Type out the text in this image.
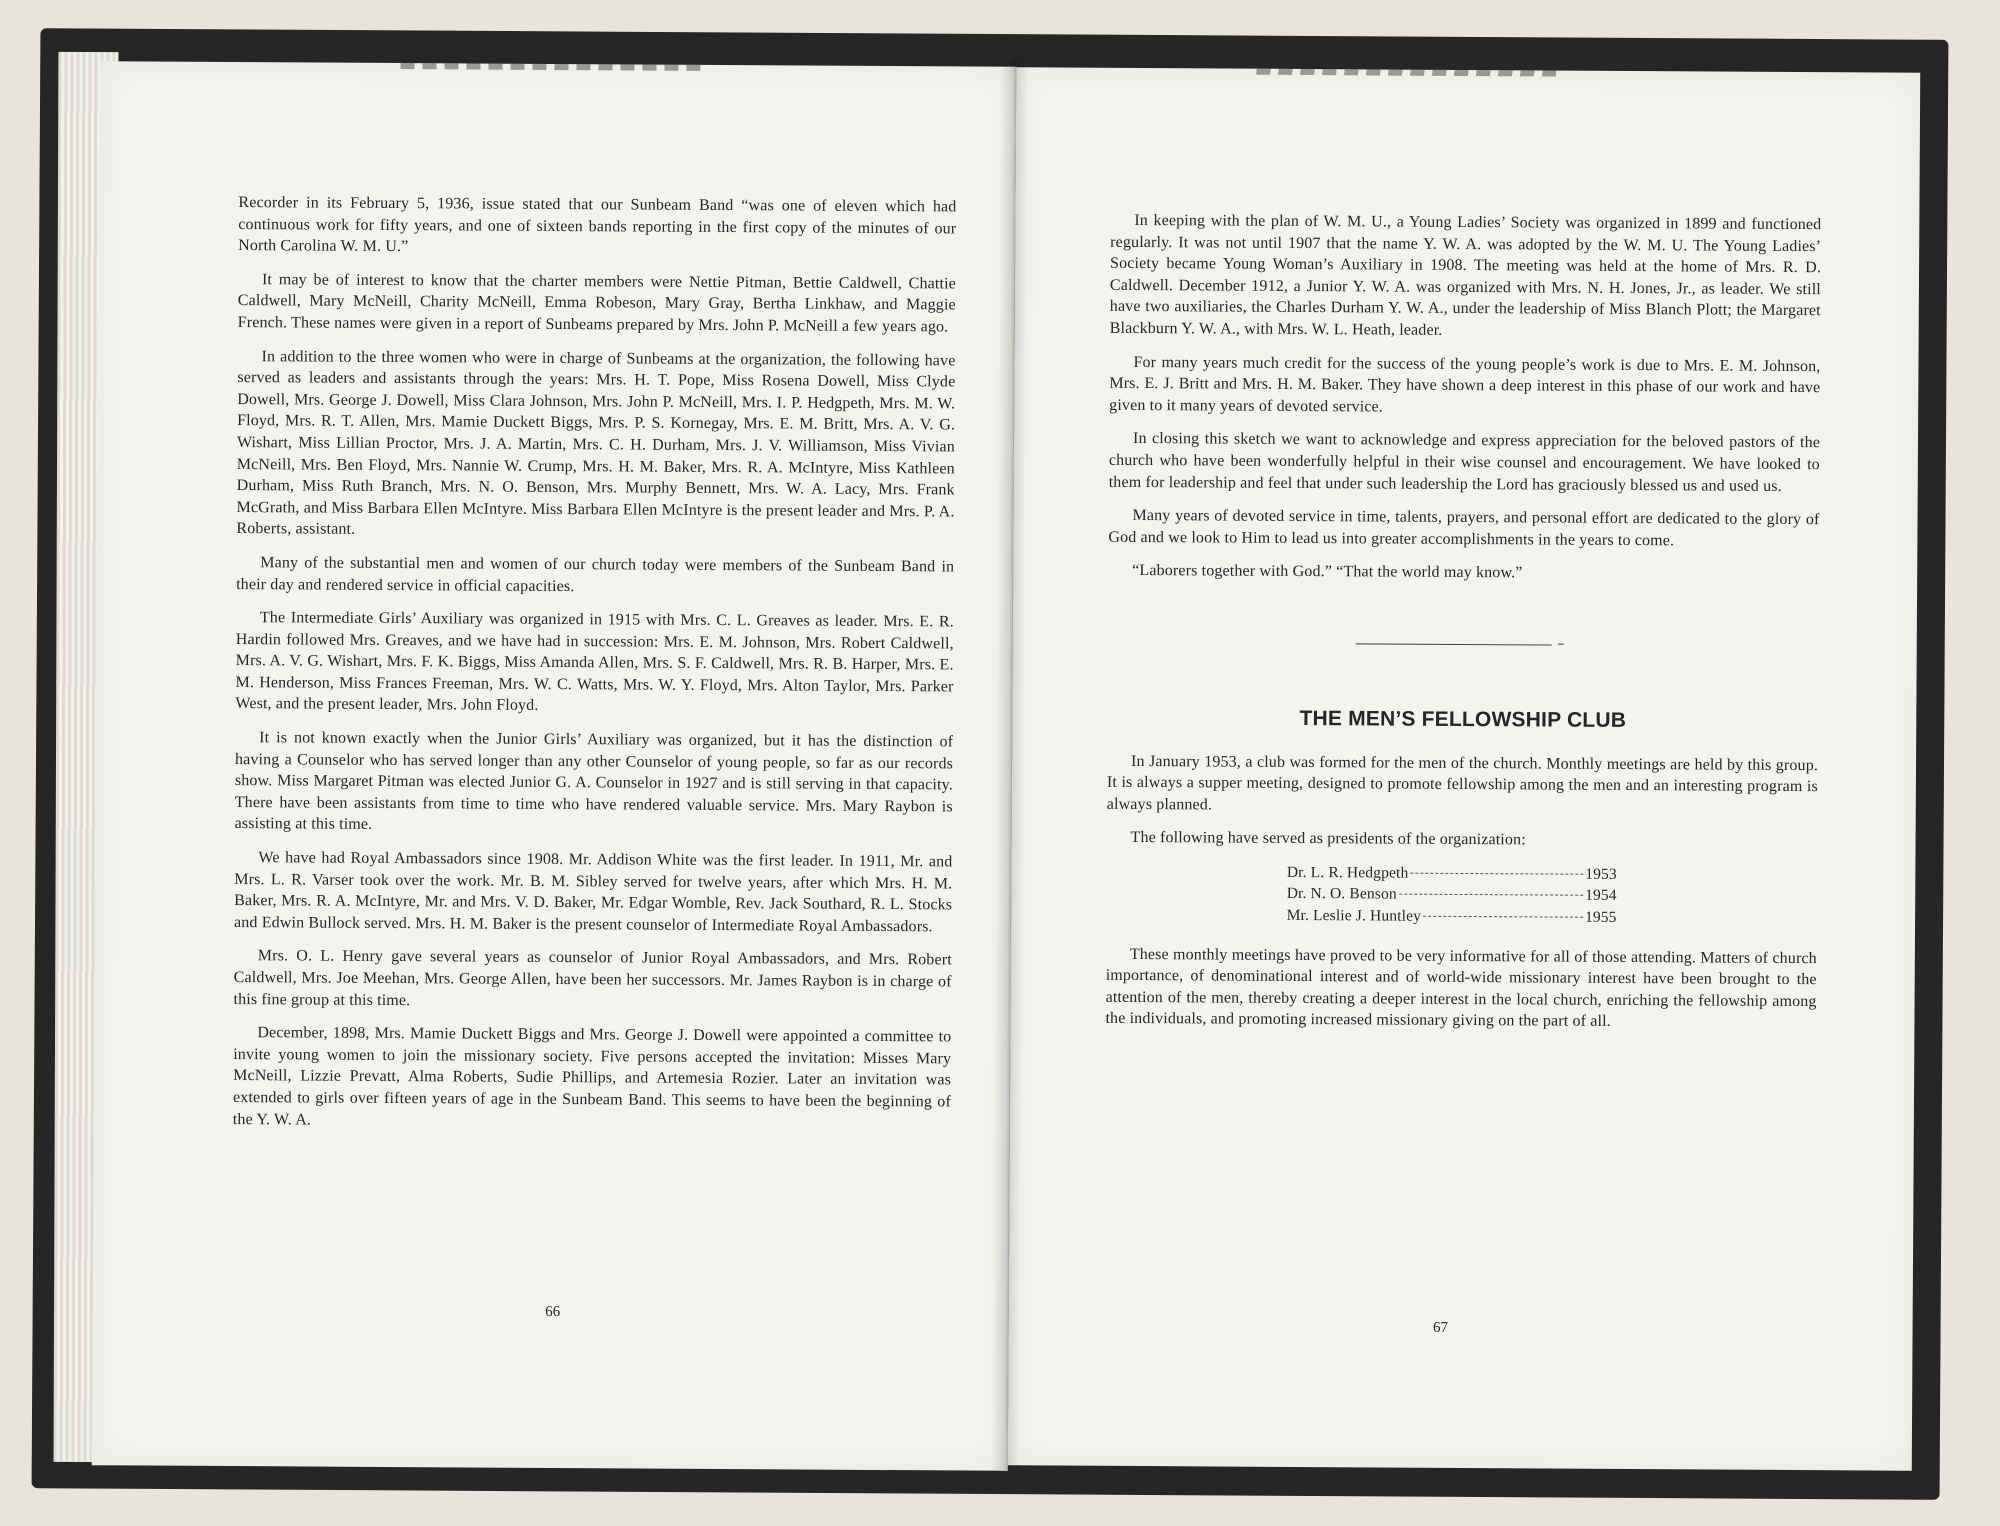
Recorder in its February 5, 1936, issue stated that our Sunbeam Band “was one of eleven which had continuous work for fifty years, and one of sixteen bands reporting in the first copy of the minutes of our North Carolina W. M. U.”

It may be of interest to know that the charter members were Nettie Pitman, Bettie Caldwell, Chattie Caldwell, Mary McNeill, Charity McNeill, Emma Robeson, Mary Gray, Bertha Linkhaw, and Maggie French. These names were given in a report of Sunbeams prepared by Mrs. John P. McNeill a few years ago.

In addition to the three women who were in charge of Sunbeams at the organization, the following have served as leaders and assistants through the years: Mrs. H. T. Pope, Miss Rosena Dowell, Miss Clyde Dowell, Mrs. George J. Dowell, Miss Clara Johnson, Mrs. John P. McNeill, Mrs. I. P. Hedgpeth, Mrs. M. W. Floyd, Mrs. R. T. Allen, Mrs. Mamie Duckett Biggs, Mrs. P. S. Kornegay, Mrs. E. M. Britt, Mrs. A. V. G. Wishart, Miss Lillian Proctor, Mrs. J. A. Martin, Mrs. C. H. Durham, Mrs. J. V. Williamson, Miss Vivian McNeill, Mrs. Ben Floyd, Mrs. Nannie W. Crump, Mrs. H. M. Baker, Mrs. R. A. McIntyre, Miss Kathleen Durham, Miss Ruth Branch, Mrs. N. O. Benson, Mrs. Murphy Bennett, Mrs. W. A. Lacy, Mrs. Frank McGrath, and Miss Barbara Ellen McIntyre. Miss Barbara Ellen McIntyre is the present leader and Mrs. P. A. Roberts, assistant.

Many of the substantial men and women of our church today were members of the Sunbeam Band in their day and rendered service in official capacities.

The Intermediate Girls’ Auxiliary was organized in 1915 with Mrs. C. L. Greaves as leader. Mrs. E. R. Hardin followed Mrs. Greaves, and we have had in succession: Mrs. E. M. Johnson, Mrs. Robert Caldwell, Mrs. A. V. G. Wishart, Mrs. F. K. Biggs, Miss Amanda Allen, Mrs. S. F. Caldwell, Mrs. R. B. Harper, Mrs. E. M. Henderson, Miss Frances Freeman, Mrs. W. C. Watts, Mrs. W. Y. Floyd, Mrs. Alton Taylor, Mrs. Parker West, and the present leader, Mrs. John Floyd.

It is not known exactly when the Junior Girls’ Auxiliary was organized, but it has the distinction of having a Counselor who has served longer than any other Counselor of young people, so far as our records show. Miss Margaret Pitman was elected Junior G. A. Counselor in 1927 and is still serving in that capacity. There have been assistants from time to time who have rendered valuable service. Mrs. Mary Raybon is assisting at this time.

We have had Royal Ambassadors since 1908. Mr. Addison White was the first leader. In 1911, Mr. and Mrs. L. R. Varser took over the work. Mr. B. M. Sibley served for twelve years, after which Mrs. H. M. Baker, Mrs. R. A. McIntyre, Mr. and Mrs. V. D. Baker, Mr. Edgar Womble, Rev. Jack Southard, R. L. Stocks and Edwin Bullock served. Mrs. H. M. Baker is the present counselor of Intermediate Royal Ambassadors.

Mrs. O. L. Henry gave several years as counselor of Junior Royal Ambassadors, and Mrs. Robert Caldwell, Mrs. Joe Meehan, Mrs. George Allen, have been her successors. Mr. James Raybon is in charge of this fine group at this time.

December, 1898, Mrs. Mamie Duckett Biggs and Mrs. George J. Dowell were appointed a committee to invite young women to join the missionary society. Five persons accepted the invitation: Misses Mary McNeill, Lizzie Prevatt, Alma Roberts, Sudie Phillips, and Artemesia Rozier. Later an invitation was extended to girls over fifteen years of age in the Sunbeam Band. This seems to have been the beginning of the Y. W. A.

66

In keeping with the plan of W. M. U., a Young Ladies’ Society was organized in 1899 and functioned regularly. It was not until 1907 that the name Y. W. A. was adopted by the W. M. U. The Young Ladies’ Society became Young Woman’s Auxiliary in 1908. The meeting was held at the home of Mrs. R. D. Caldwell. December 1912, a Junior Y. W. A. was organized with Mrs. N. H. Jones, Jr., as leader. We still have two auxiliaries, the Charles Durham Y. W. A., under the leadership of Miss Blanch Plott; the Margaret Blackburn Y. W. A., with Mrs. W. L. Heath, leader.

For many years much credit for the success of the young people’s work is due to Mrs. E. M. Johnson, Mrs. E. J. Britt and Mrs. H. M. Baker. They have shown a deep interest in this phase of our work and have given to it many years of devoted service.

In closing this sketch we want to acknowledge and express appreciation for the beloved pastors of the church who have been wonderfully helpful in their wise counsel and encouragement. We have looked to them for leadership and feel that under such leadership the Lord has graciously blessed us and used us.

Many years of devoted service in time, talents, prayers, and personal effort are dedicated to the glory of God and we look to Him to lead us into greater accomplishments in the years to come.

“Laborers together with God.” “That the world may know.”

THE MEN’S FELLOWSHIP CLUB

In January 1953, a club was formed for the men of the church. Monthly meetings are held by this group. It is always a supper meeting, designed to promote fellowship among the men and an interesting program is always planned.

The following have served as presidents of the organization:

Dr. L. R. Hedgpeth	1953
Dr. N. O. Benson	1954
Mr. Leslie J. Huntley	1955

These monthly meetings have proved to be very informative for all of those attending. Matters of church importance, of denominational interest and of world-wide missionary interest have been brought to the attention of the men, thereby creating a deeper interest in the local church, enriching the fellowship among the individuals, and promoting increased missionary giving on the part of all.

67
